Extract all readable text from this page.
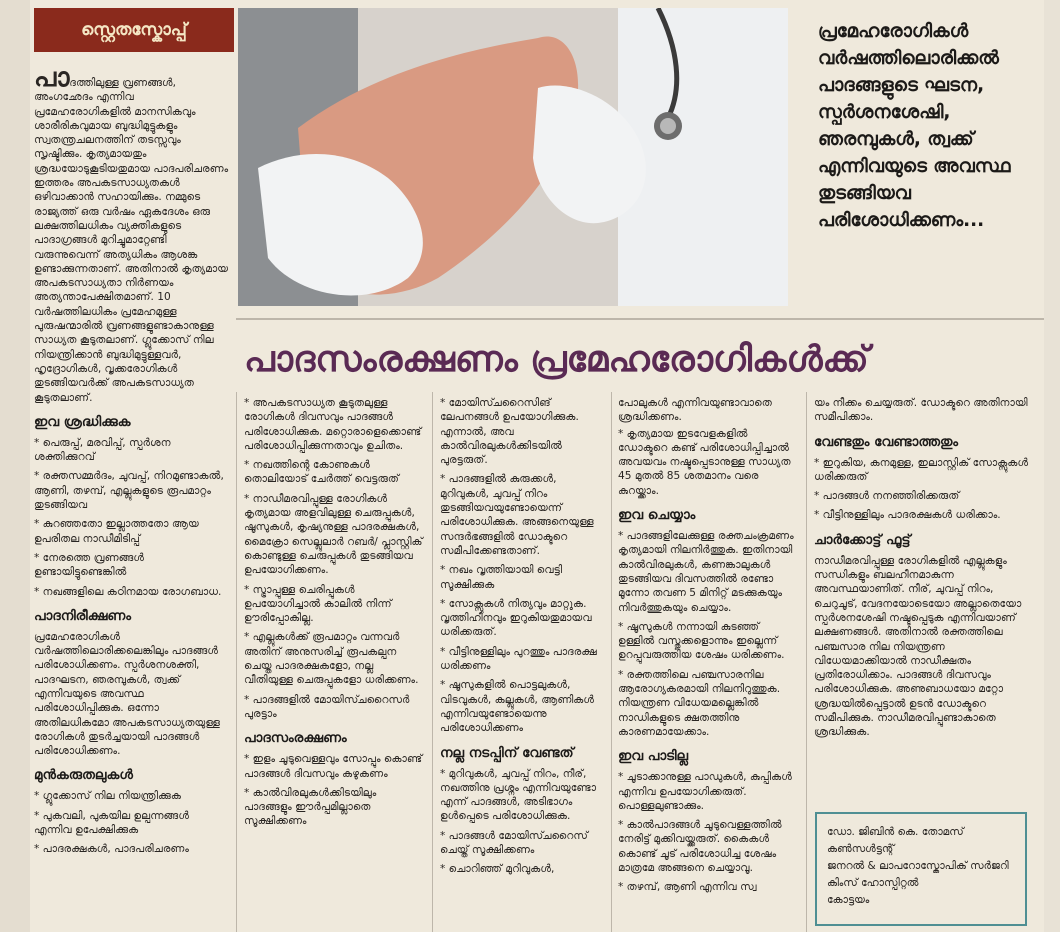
സ്റ്റെതസ്കോപ്പ്	പ്രമേഹരോഗികൾ വർഷത്തിലൊരിക്കൽ പാദങ്ങളുടെ ഘടന, സ്പർശനശേഷി, ഞരമ്പുകൾ, ത്വക്ക് എന്നിവയുടെ അവസ്ഥ തുടങ്ങിയവ പരിശോധിക്കണം...
പാദസംരക്ഷണം പ്രമേഹരോഗികൾക്ക്

പാദത്തിലുള്ള വ്രണങ്ങൾ, അംഗഛേദം എന്നിവ പ്രമേഹരോഗികളിൽ മാനസികവും ശാരീരികവുമായ ബുദ്ധിമുട്ടുകളും സ്വതന്ത്രചലനത്തിന് തടസ്സവും സൃഷ്ടിക്കും. കൃത്യമായതും ശ്രദ്ധയോടുകൂടിയതുമായ പാദപരിചരണം ഇത്തരം അപകടസാധ്യതകൾ ഒഴിവാക്കാൻ സഹായിക്കും. നമ്മുടെ രാജ്യത്ത് ഒരു വർഷം ഏകദേശം ഒരു ലക്ഷത്തിലധികം വ്യക്തികളുടെ പാദാഗ്രങ്ങൾ മുറിച്ചുമാറ്റേണ്ടി വരുന്നുവെന്ന് അത്യധികം ആശങ്ക ഉണ്ടാക്കുന്നതാണ്. അതിനാൽ കൃത്യമായ അപകടസാധ്യതാ നിർണയം അത്യന്താപേക്ഷിതമാണ്. 10 വർഷത്തിലധികം പ്രമേഹമുള്ള പുരുഷന്മാരിൽ വ്രണങ്ങളുണ്ടാകാനുള്ള സാധ്യത കൂടുതലാണ്. ഗ്ലൂക്കോസ് നില നിയന്ത്രിക്കാൻ ബുദ്ധിമുട്ടുള്ളവർ, ഹൃദ്രോഗികൾ, വൃക്കരോഗികൾ തുടങ്ങിയവർക്ക് അപകടസാധ്യത കൂടുതലാണ്.

ഇവ ശ്രദ്ധിക്കുക
* പെരുപ്പ്, മരവിപ്പ്, സ്പർശന ശക്തിക്കുറവ്
* രക്തസമ്മർദം, ചുവപ്പ്, നിറമുണ്ടാകൽ, ആണി, തഴമ്പ്, എല്ലുകളുടെ രൂപമാറ്റം തുടങ്ങിയവ
* കുറഞ്ഞതോ ഇല്ലാത്തതോ ആയ ഉപരിതല നാഡീമിടിപ്പ്
* നേരത്തെ വ്രണങ്ങൾ ഉണ്ടായിട്ടുണ്ടെങ്കിൽ
* നഖങ്ങളിലെ കഠിനമായ രോഗബാധ.
പാദനിരീക്ഷണം

പ്രമേഹരോഗികൾ വർഷത്തിലൊരിക്കലെങ്കിലും പാദങ്ങൾ പരിശോധിക്കണം. സ്പർശനശക്തി, പാദഘടന, ഞരമ്പുകൾ, ത്വക്ക് എന്നിവയുടെ അവസ്ഥ പരിശോധിപ്പിക്കുക. ഒന്നോ അതിലധികമോ അപകടസാധ്യതയുള്ള രോഗികൾ തുടർച്ചയായി പാദങ്ങൾ പരിശോധിക്കണം.

മുൻകരുതലുകൾ
* ഗ്ലൂക്കോസ് നില നിയന്ത്രിക്കുക
* പുകവലി, പുകയില ഉല്പന്നങ്ങൾ എന്നിവ ഉപേക്ഷിക്കുക
* പാദരക്ഷകൾ, പാദപരിചരണം
* അപകടസാധ്യത കൂടുതലുള്ള രോഗികൾ ദിവസവും പാദങ്ങൾ പരിശോധിക്കുക. മറ്റൊരാളെക്കൊണ്ട് പരിശോധിപ്പിക്കുന്നതാവും ഉചിതം.
* നഖത്തിന്റെ കോണുകൾ തൊലിയോട് ചേർത്ത് വെട്ടരുത്
* നാഡീമരവിപ്പുള്ള രോഗികൾ കൃത്യമായ അളവിലുള്ള ചെരുപ്പുകൾ, ഷൂസുകൾ, കൃഷ്യനുള്ള പാദരക്ഷകൾ, മൈക്രോ സെല്ലുലാർ റബർ/ പ്ലാസ്റ്റിക് കൊണ്ടുള്ള ചെരുപ്പുകൾ തുടങ്ങിയവ ഉപയോഗിക്കണം.
* സ്ട്രാപ്പുള്ള ചെരിപ്പുകൾ ഉപയോഗിച്ചാൽ കാലിൽ നിന്ന് ഊരിപ്പോകില്ല.
* എല്ലുകൾക്ക് രൂപമാറ്റം വന്നവർ അതിന് അനുസരിച്ച് രൂപകല്പന ചെയ്ത പാദരക്ഷകളോ, നല്ല വീതിയുള്ള ചെരുപ്പുകളോ ധരിക്കണം.
* പാദങ്ങളിൽ മോയിസ്ചറൈസർ പുരട്ടാം
പാദസംരക്ഷണം
* ഇളം ചൂടുവെള്ളവും സോപ്പും കൊണ്ട് പാദങ്ങൾ ദിവസവും കഴുകണം
* കാൽവിരലുകൾക്കിടയിലും പാദങ്ങളും ഈർപ്പമില്ലാതെ സൂക്ഷിക്കണം
* മോയിസ്ചറൈസിങ് ലേപനങ്ങൾ ഉപയോഗിക്കുക. എന്നാൽ, അവ കാൽവിരലുകൾക്കിടയിൽ പുരട്ടരുത്.
* പാദങ്ങളിൽ കുരുക്കൾ, മുറിവുകൾ, ചുവപ്പ് നിറം തുടങ്ങിയവയുണ്ടോയെന്ന് പരിശോധിക്കുക. അങ്ങനെയുള്ള സന്ദർഭങ്ങളിൽ ഡോക്ടറെ സമീപിക്കേണ്ടതാണ്.
* നഖം വൃത്തിയായി വെട്ടി സൂക്ഷിക്കുക
* സോക്സുകൾ നിത്യവും മാറ്റുക. വൃത്തിഹീനവും ഇറുകിയതുമായവ ധരിക്കരുത്.
* വീട്ടിനുള്ളിലും പുറത്തും പാദരക്ഷ ധരിക്കണം
* ഷൂസുകളിൽ പൊട്ടലുകൾ, വിടവുകൾ, കല്ലുകൾ, ആണികൾ എന്നിവയുണ്ടോയെന്നു പരിശോധിക്കണം
നല്ല നടപ്പിന് വേണ്ടത്
* മുറിവുകൾ, ചുവപ്പ് നിറം, നീര്, നഖത്തിനു പ്രശ്നം എന്നിവയുണ്ടോ എന്ന് പാദങ്ങൾ, അടിഭാഗം ഉൾപ്പെടെ പരിശോധിക്കുക.
* പാദങ്ങൾ മോയിസ്ചറൈസ് ചെയ്ത് സൂക്ഷിക്കണം
* ചൊറിഞ്ഞ് മുറിവുകൾ,

പോലുകൾ എന്നിവയുണ്ടാവാതെ ശ്രദ്ധിക്കണം.

* കൃത്യമായ ഇടവേളകളിൽ ഡോക്ടറെ കണ്ട് പരിശോധിപ്പിച്ചാൽ അവയവം നഷ്ടപ്പെടാനുള്ള സാധ്യത 45 മുതൽ 85 ശതമാനം വരെ കുറയ്ക്കാം.
ഇവ ചെയ്യാം
* പാദങ്ങളിലേക്കുള്ള രക്തചംക്രമണം കൃത്യമായി നിലനിർത്തുക. ഇതിനായി കാൽവിരലുകൾ, കണങ്കാലുകൾ തുടങ്ങിയവ ദിവസത്തിൽ രണ്ടോ മൂന്നോ തവണ 5 മിനിറ്റ് മടക്കുകയും നിവർത്തുകയും ചെയ്യാം.
* ഷൂസുകൾ നന്നായി കുടഞ്ഞ് ഉള്ളിൽ വസ്തുക്കളൊന്നും ഇല്ലെന്ന് ഉറപ്പുവരുത്തിയ ശേഷം ധരിക്കണം.
* രക്തത്തിലെ പഞ്ചസാരനില ആരോഗ്യകരമായി നിലനിറുത്തുക. നിയന്ത്രണ വിധേയമല്ലെങ്കിൽ നാഡികളുടെ ക്ഷതത്തിനു കാരണമായേക്കാം.
ഇവ പാടില്ല
* ചൂടാക്കാനുള്ള പാഡുകൾ, കുപ്പികൾ എന്നിവ ഉപയോഗിക്കരുത്. പൊള്ളലുണ്ടാക്കും.
* കാൽപാദങ്ങൾ ചൂടുവെള്ളത്തിൽ നേരിട്ട് മുക്കിവയ്ക്കരുത്. കൈകൾ കൊണ്ട് ചൂട് പരിശോധിച്ച ശേഷം മാത്രമേ അങ്ങനെ ചെയ്യാവൂ.
* തഴമ്പ്, ആണി എന്നിവ സ്വ

യം നീക്കം ചെയ്യരുത്. ഡോക്ടറെ അതിനായി സമീപിക്കാം.

വേണ്ടതും വേണ്ടാത്തതും
* ഇറുകിയ, കനമുള്ള, ഇലാസ്റ്റിക് സോക്സുകൾ ധരിക്കരുത്
* പാദങ്ങൾ നനഞ്ഞിരിക്കരുത്
* വീട്ടിനുള്ളിലും പാദരക്ഷകൾ ധരിക്കാം.
ചാർക്കോട്ട് ഫൂട്ട്

നാഡീമരവിപ്പുള്ള രോഗികളിൽ എല്ലുകളും സന്ധികളും ബലഹീനമാകുന്ന അവസ്ഥയാണിത്. നീര്, ചുവപ്പ് നിറം, ചെറുചൂട്, വേദനയോടെയോ അല്ലാതെയോ സ്പർശനശേഷി നഷ്ടപ്പെടുക എന്നിവയാണ് ലക്ഷണങ്ങൾ. അതിനാൽ രക്തത്തിലെ പഞ്ചസാര നില നിയന്ത്രണ വിധേയമാക്കിയാൽ നാഡീക്ഷതം പ്രതിരോധിക്കാം. പാദങ്ങൾ ദിവസവും പരിശോധിക്കുക. അണുബാധയോ മറ്റോ ശ്രദ്ധയിൽപ്പെട്ടാൽ ഉടൻ ഡോക്ടറെ സമീപിക്കുക. നാഡീമരവിപ്പുണ്ടാകാതെ ശ്രദ്ധിക്കുക.

ഡോ. ജിബിൻ കെ. തോമസ്
കൺസൾട്ടന്റ്
ജനറൽ & ലാപറോസ്കോപിക് സർജറി
കിംസ് ഹോസ്പിറ്റൽ
കോട്ടയം
